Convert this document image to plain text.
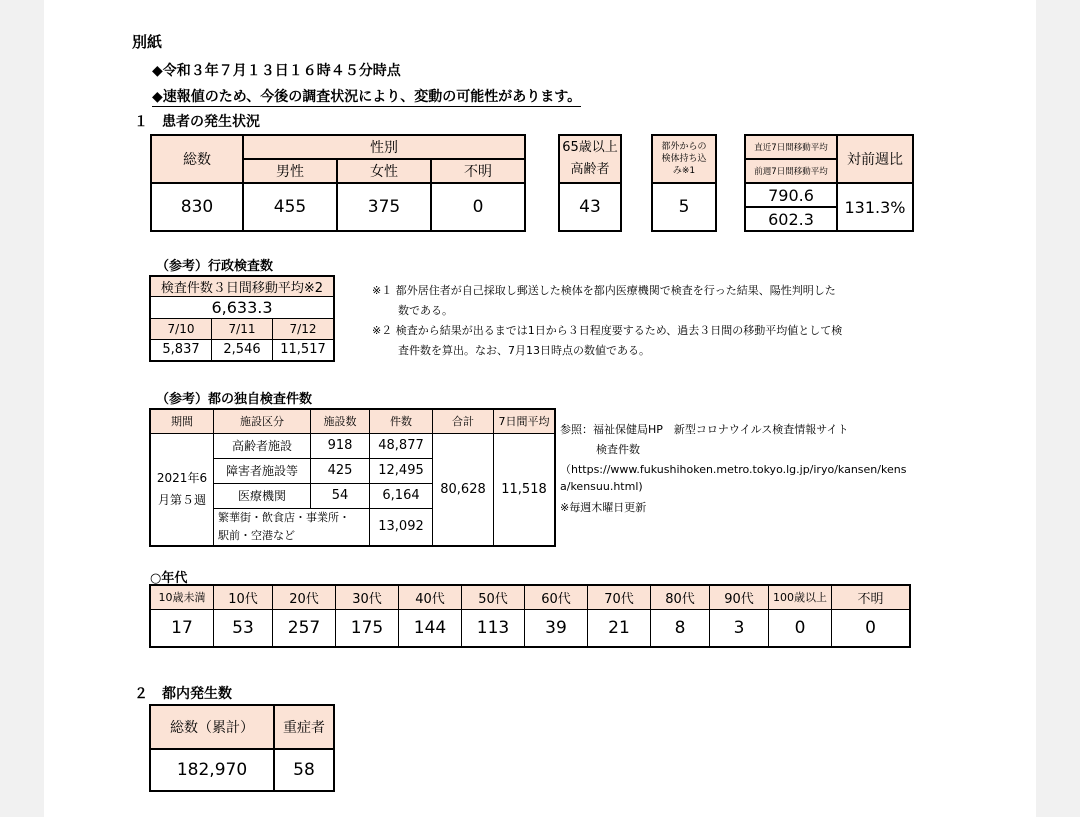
別紙
◆令和３年７月１３日１６時４５分時点
◆速報値のため、今後の調査状況により、変動の可能性があります。
１　患者の発生状況
総数	性別		
	男性	女性	不明
830	455	375	0
65歳以上
高齢者

43
都外からの
検体持ち込
み※1

5
直近7日間移動平均	対前週比
前週7日間移動平均	
790.6	131.3%
602.3	
（参考）行政検査数
検査件数３日間移動平均※2		
6,633.3		
7/10	7/11	7/12
5,837	2,546	11,517
※１ 都外居住者が自己採取し郵送した検体を都内医療機関で検査を行った結果、陽性判明した
数である。
※２ 検査から結果が出るまでは1日から３日程度要するため、過去３日間の移動平均値として検
査件数を算出。なお、7月13日時点の数値である。
（参考）都の独自検査件数
期間	施設区分	施設数	件数	合計	7日間平均

2021年6
月第５週	高齢者施設	918	48,877	80,628	11,518
	障害者施設等	425	12,495		
	医療機関	54	6,164		

	繁華街・飲食店・事業所・
駅前・空港など		13,092		
参照：福祉保健局HP　新型コロナウイルス検査情報サイト
検査件数
（https://www.fukushihoken.metro.tokyo.lg.jp/iryo/kansen/kens
a/kensuu.html)
※毎週木曜日更新
○年代
10歳未満	10代	20代	30代	40代	50代	60代	70代	80代	90代	100歳以上	不明
17	53	257	175	144	113	39	21	8	3	0	0
２　都内発生数
総数（累計）	重症者
182,970	58
